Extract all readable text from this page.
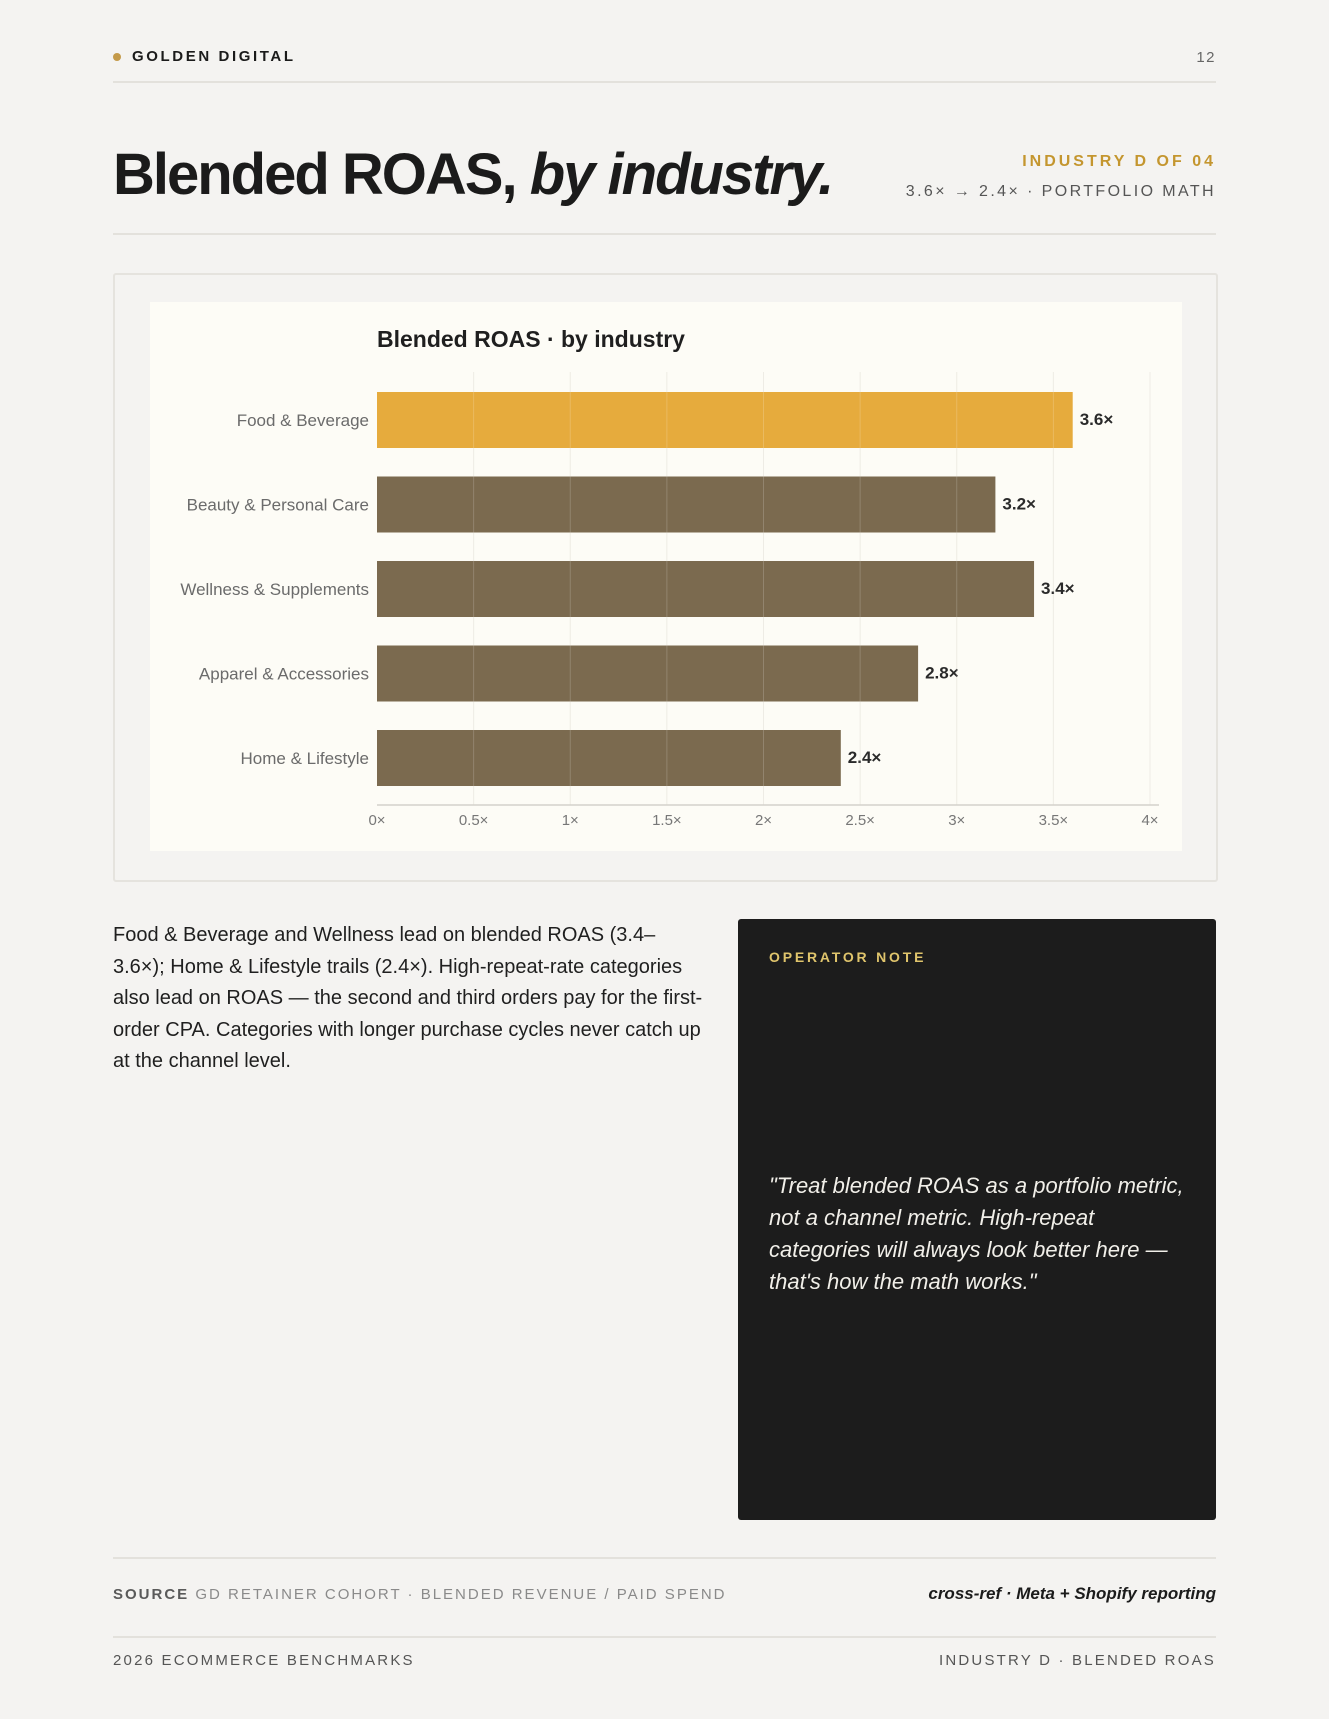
GOLDEN DIGITAL	12
Blended ROAS, by industry.	INDUSTRY D OF 04
3.6× → 2.4× · PORTFOLIO MATH
Blended ROAS · by industry
Food & Beverage	3.6×
Beauty & Personal Care	3.2×
Wellness & Supplements	3.4×
Apparel & Accessories	2.8×
Home & Lifestyle	2.4×
0×	0.5×	1×	1.5×	2×	2.5×	3×	3.5×	4×
Food & Beverage and Wellness lead on blended ROAS (3.4–3.6×); Home & Lifestyle trails (2.4×). High-repeat-rate categories also lead on ROAS — the second and third orders pay for the first-order CPA. Categories with longer purchase cycles never catch up at the channel level.
OPERATOR NOTE
"Treat blended ROAS as a portfolio metric, not a channel metric. High-repeat categories will always look better here — that's how the math works."
SOURCE GD RETAINER COHORT · BLENDED REVENUE / PAID SPEND	cross-ref · Meta + Shopify reporting
2026 ECOMMERCE BENCHMARKS	INDUSTRY D · BLENDED ROAS
